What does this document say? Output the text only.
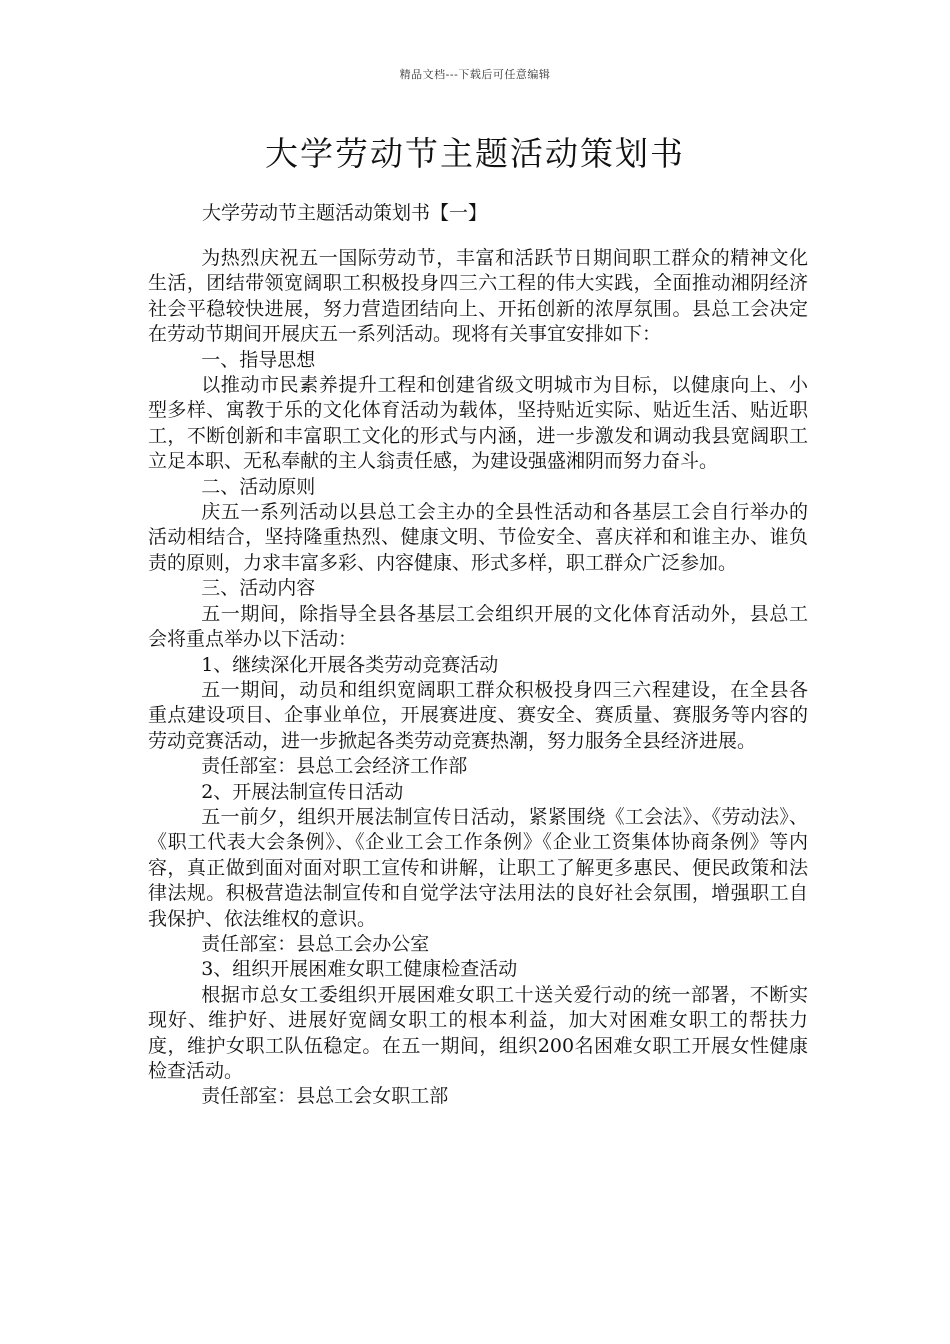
精品文档---下载后可任意编辑
大学劳动节主题活动策划书

大学劳动节主题活动策划书【一】

为热烈庆祝五一国际劳动节，丰富和活跃节日期间职工群众的精神文化生活，团结带领宽阔职工积极投身四三六工程的伟大实践，全面推动湘阴经济社会平稳较快进展，努力营造团结向上、开拓创新的浓厚氛围。县总工会决定在劳动节期间开展庆五一系列活动。现将有关事宜安排如下：

一、指导思想

以推动市民素养提升工程和创建省级文明城市为目标，以健康向上、小型多样、寓教于乐的文化体育活动为载体，坚持贴近实际、贴近生活、贴近职工，不断创新和丰富职工文化的形式与内涵，进一步激发和调动我县宽阔职工立足本职、无私奉献的主人翁责任感，为建设强盛湘阴而努力奋斗。

二、活动原则

庆五一系列活动以县总工会主办的全县性活动和各基层工会自行举办的活动相结合，坚持隆重热烈、健康文明、节俭安全、喜庆祥和和谁主办、谁负责的原则，力求丰富多彩、内容健康、形式多样，职工群众广泛参加。

三、活动内容

五一期间，除指导全县各基层工会组织开展的文化体育活动外，县总工会将重点举办以下活动：

1、继续深化开展各类劳动竞赛活动

五一期间，动员和组织宽阔职工群众积极投身四三六程建设，在全县各重点建设项目、企事业单位，开展赛进度、赛安全、赛质量、赛服务等内容的劳动竞赛活动，进一步掀起各类劳动竞赛热潮，努力服务全县经济进展。

责任部室：县总工会经济工作部

2、开展法制宣传日活动

五一前夕，组织开展法制宣传日活动，紧紧围绕《工会法》、《劳动法》、《职工代表大会条例》、《企业工会工作条例》《企业工资集体协商条例》等内容，真正做到面对面对职工宣传和讲解，让职工了解更多惠民、便民政策和法律法规。积极营造法制宣传和自觉学法守法用法的良好社会氛围，增强职工自我保护、依法维权的意识。

责任部室：县总工会办公室

3、组织开展困难女职工健康检查活动

根据市总女工委组织开展困难女职工十送关爱行动的统一部署，不断实现好、维护好、进展好宽阔女职工的根本利益，加大对困难女职工的帮扶力度，维护女职工队伍稳定。在五一期间，组织200名困难女职工开展女性健康检查活动。

责任部室：县总工会女职工部
